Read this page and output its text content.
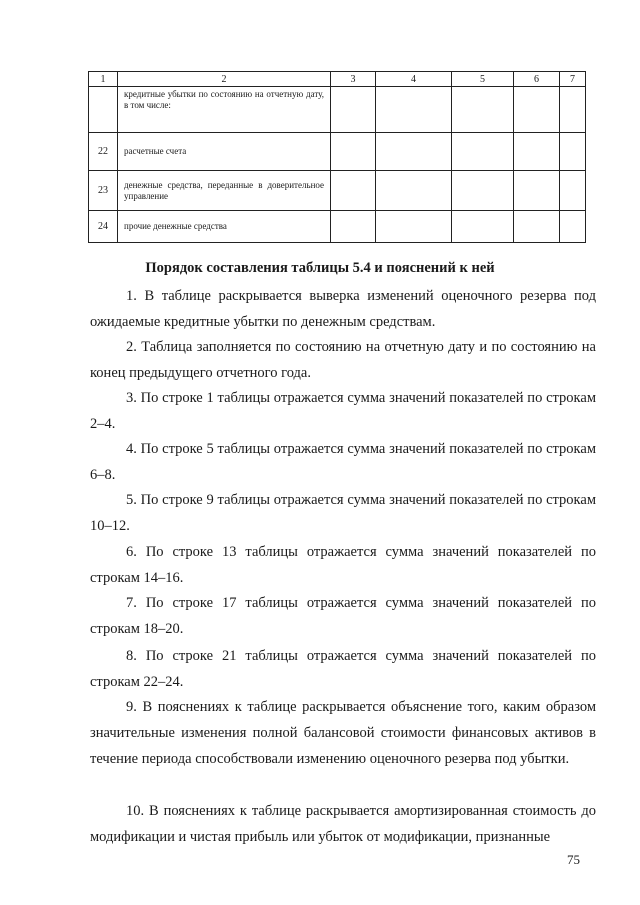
1	2	3	4	5	6	7
	кредитные убытки по состоянию на отчетную дату, в том числе:					
22	расчетные счета					
23	денежные средства, переданные в доверительное управление					
24	прочие денежные средства					
Порядок составления таблицы 5.4 и пояснений к ней
1. В таблице раскрывается выверка изменений оценочного резерва под ожидаемые кредитные убытки по денежным средствам.
2. Таблица заполняется по состоянию на отчетную дату и по состоянию на конец предыдущего отчетного года.
3. По строке 1 таблицы отражается сумма значений показателей по строкам 2–4.
4. По строке 5 таблицы отражается сумма значений показателей по строкам 6–8.
5. По строке 9 таблицы отражается сумма значений показателей по строкам 10–12.
6. По строке 13 таблицы отражается сумма значений показателей по строкам 14–16.
7. По строке 17 таблицы отражается сумма значений показателей по строкам 18–20.
8. По строке 21 таблицы отражается сумма значений показателей по строкам 22–24.
9. В пояснениях к таблице раскрывается объяснение того, каким образом значительные изменения полной балансовой стоимости финансовых активов в течение периода способствовали изменению оценочного резерва под убытки.
10. В пояснениях к таблице раскрывается амортизированная стоимость до модификации и чистая прибыль или убыток от модификации, признанные
75
